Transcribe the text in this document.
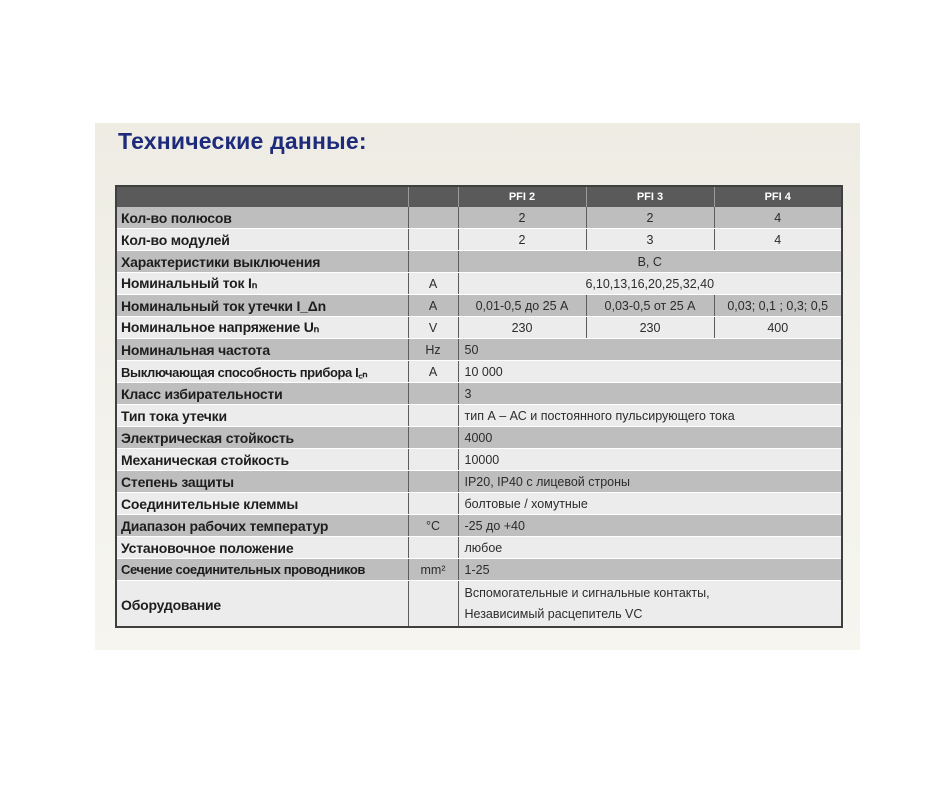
Технические данные:
		PFI 2	PFI 3	PFI 4
Кол-во полюсов		2	2	4
Кол-во модулей		2	3	4
Характеристики выключения		B, C		
Номинальный ток Iₙ	A	6,10,13,16,20,25,32,40		
Номинальный ток утечки I_Δn	A	0,01-0,5 до 25 А	0,03-0,5 от 25 А	0,03; 0,1 ; 0,3; 0,5
Номинальное напряжение Uₙ	V	230	230	400
Номинальная частота	Hz	50		
Выключающая способность прибора I꜀ₙ	A	10 000		
Класс избирательности		3		
Тип тока утечки		тип А – АС и постоянного пульсирующего тока		
Электрическая стойкость		4000		
Механическая стойкость		10000		
Степень защиты		IP20, IP40 с лицевой строны		
Соединительные клеммы		болтовые / хомутные		
Диапазон рабочих температур	°C	-25 до +40		
Установочное положение		любое		
Сечение соединительных проводников	mm²	1-25		
Оборудование		Вспомогательные и сигнальные контакты,
Независимый расцепитель VC		
